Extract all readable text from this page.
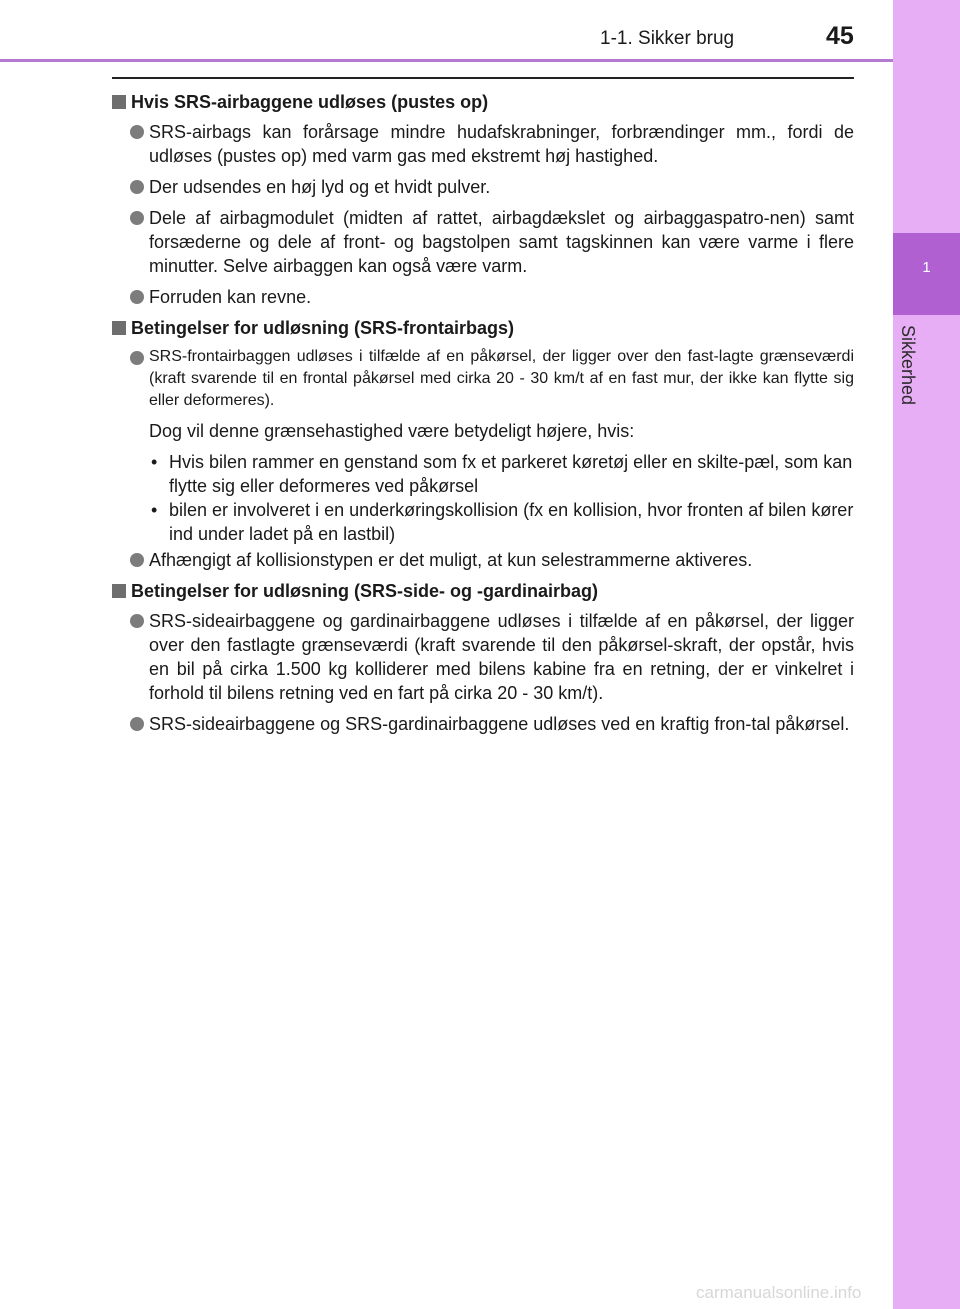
1-1. Sikker brug	45
1
Sikkerhed
Hvis SRS-airbaggene udløses (pustes op)
SRS-airbags kan forårsage mindre hudafskrabninger, forbrændinger mm., fordi de udløses (pustes op) med varm gas med ekstremt høj hastighed.
Der udsendes en høj lyd og et hvidt pulver.
Dele af airbagmodulet (midten af rattet, airbagdækslet og airbaggaspatro-nen) samt forsæderne og dele af front- og bagstolpen samt tagskinnen kan være varme i flere minutter. Selve airbaggen kan også være varm.
Forruden kan revne.
Betingelser for udløsning (SRS-frontairbags)
SRS-frontairbaggen udløses i tilfælde af en påkørsel, der ligger over den fast-lagte grænseværdi (kraft svarende til en frontal påkørsel med cirka 20 - 30 km/t af en fast mur, der ikke kan flytte sig eller deformeres).
Dog vil denne grænsehastighed være betydeligt højere, hvis:
• Hvis bilen rammer en genstand som fx et parkeret køretøj eller en skilte-pæl, som kan flytte sig eller deformeres ved påkørsel
• bilen er involveret i en underkøringskollision (fx en kollision, hvor fronten af bilen kører ind under ladet på en lastbil)
Afhængigt af kollisionstypen er det muligt, at kun selestrammerne aktiveres.
Betingelser for udløsning (SRS-side- og -gardinairbag)
SRS-sideairbaggene og gardinairbaggene udløses i tilfælde af en påkørsel, der ligger over den fastlagte grænseværdi (kraft svarende til den påkørsel-skraft, der opstår, hvis en bil på cirka 1.500 kg kolliderer med bilens kabine fra en retning, der er vinkelret i forhold til bilens retning ved en fart på cirka 20 - 30 km/t).
SRS-sideairbaggene og SRS-gardinairbaggene udløses ved en kraftig fron-tal påkørsel.
carmanualsonline.info
